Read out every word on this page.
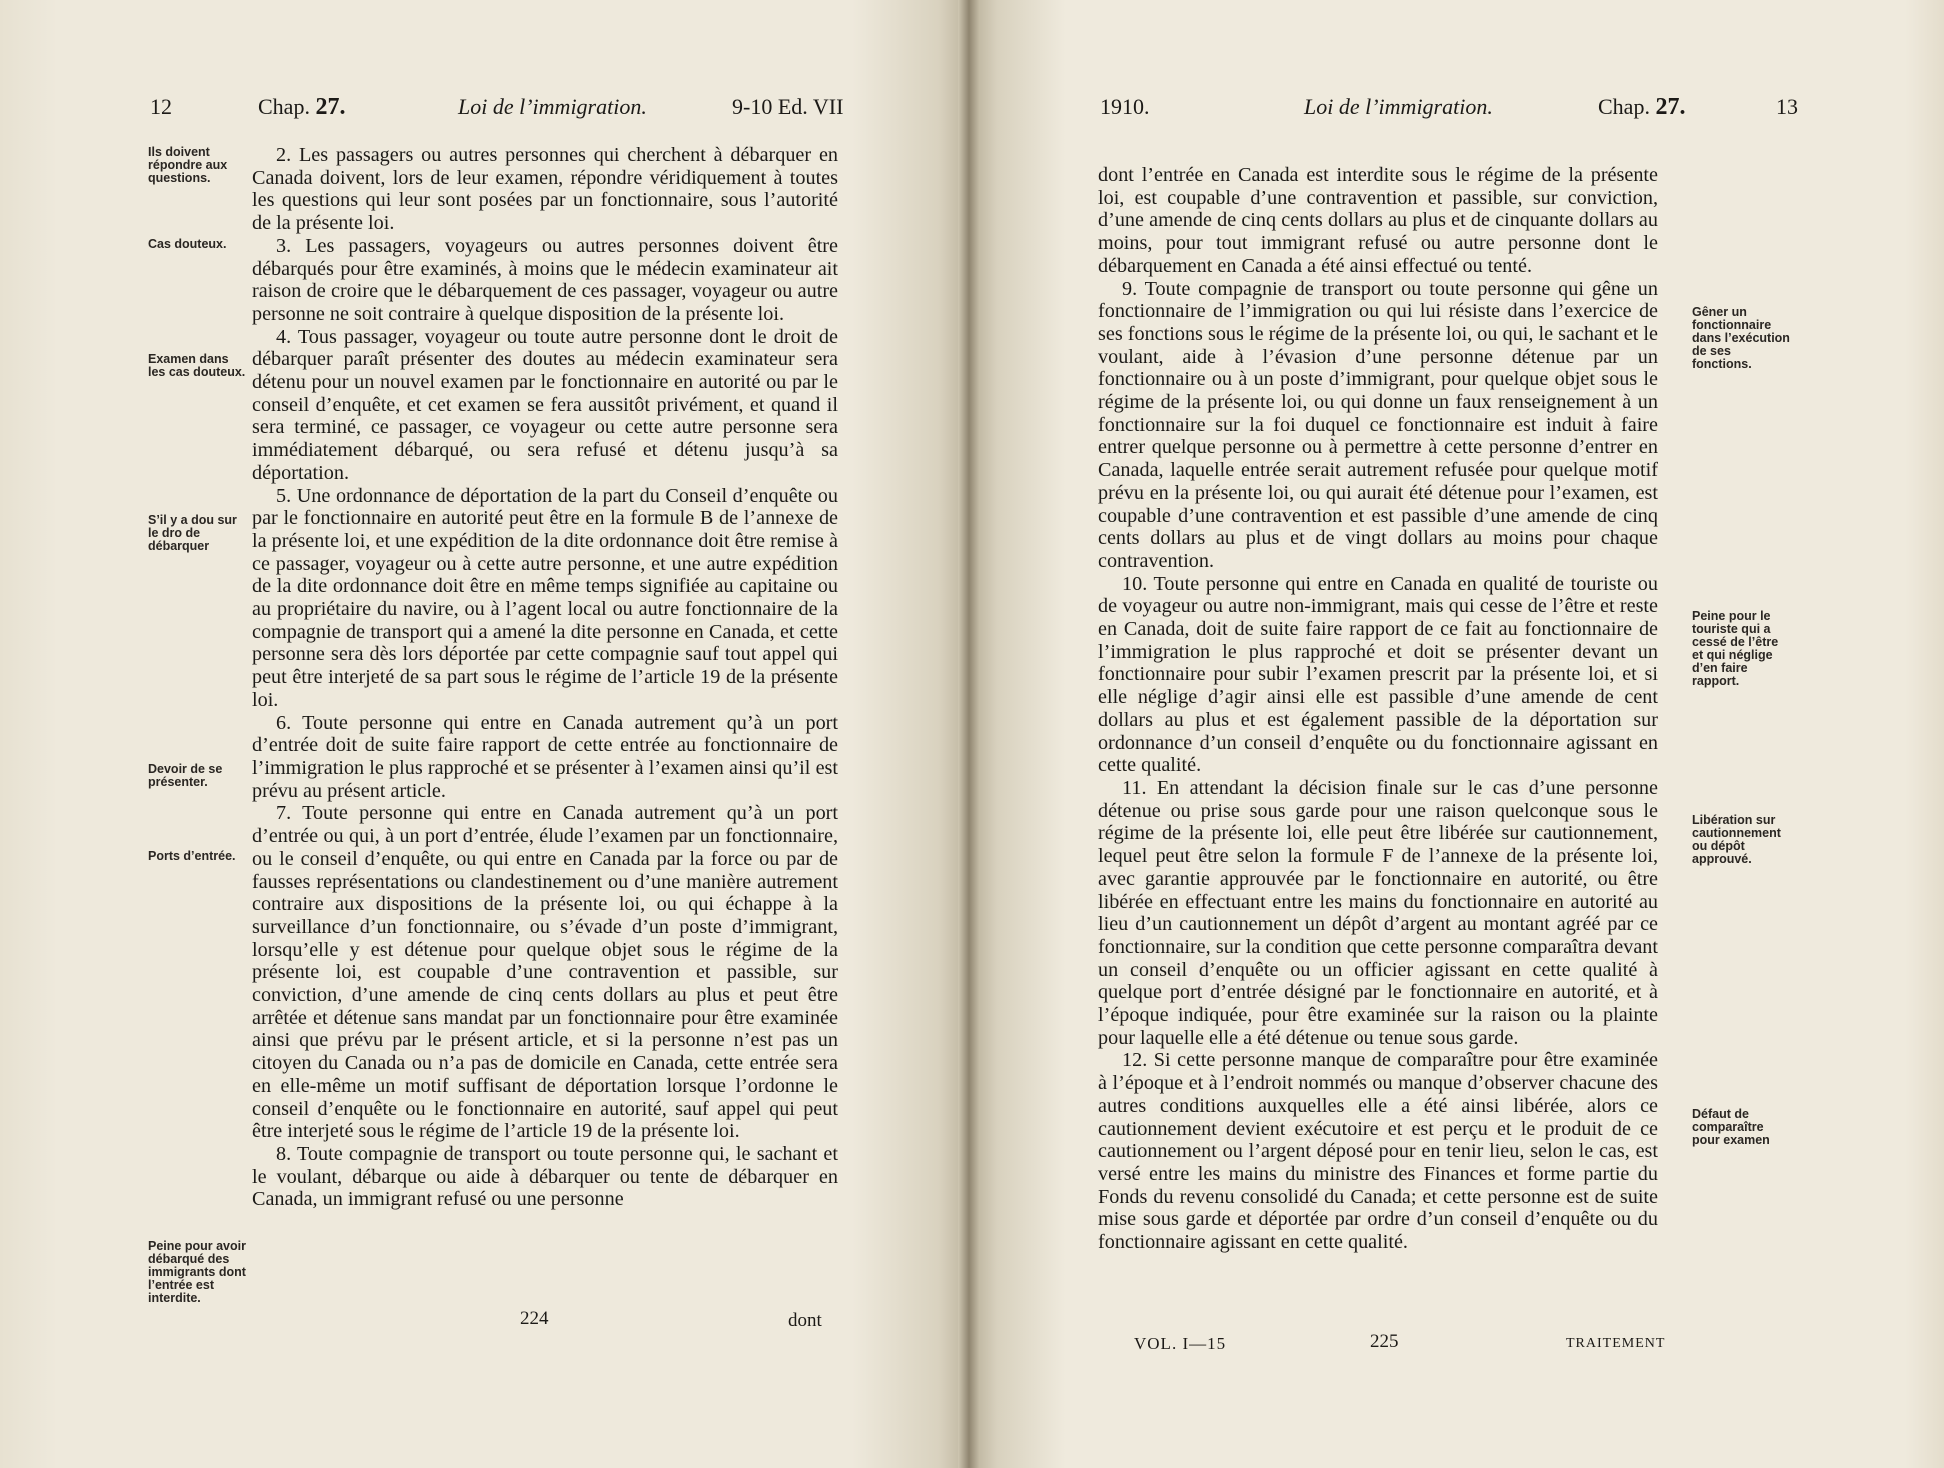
12	Chap. 27.	Loi de l’immigration.	9-10 Ed. VII
Ils doivent répondre aux questions.
Cas douteux.
Examen dans les cas douteux.
S’il y a dou sur le dro de débarquer
Devoir de se présenter.
Ports d’entrée.
Peine pour avoir débarqué des immigrants dont l’entrée est interdite.

2. Les passagers ou autres personnes qui cherchent à débarquer en Canada doivent, lors de leur examen, répondre véridiquement à toutes les questions qui leur sont posées par un fonctionnaire, sous l’autorité de la présente loi.

3. Les passagers, voyageurs ou autres personnes doivent être débarqués pour être examinés, à moins que le médecin examinateur ait raison de croire que le débarquement de ces passager, voyageur ou autre personne ne soit contraire à quelque disposition de la présente loi.

4. Tous passager, voyageur ou toute autre personne dont le droit de débarquer paraît présenter des doutes au médecin examinateur sera détenu pour un nouvel examen par le fonctionnaire en autorité ou par le conseil d’enquête, et cet examen se fera aussitôt privément, et quand il sera terminé, ce passager, ce voyageur ou cette autre personne sera immédiatement débarqué, ou sera refusé et détenu jusqu’à sa déportation.

5. Une ordonnance de déportation de la part du Conseil d’enquête ou par le fonctionnaire en autorité peut être en la formule B de l’annexe de la présente loi, et une expédition de la dite ordonnance doit être remise à ce passager, voyageur ou à cette autre personne, et une autre expédition de la dite ordonnance doit être en même temps signifiée au capitaine ou au propriétaire du navire, ou à l’agent local ou autre fonctionnaire de la compagnie de transport qui a amené la dite personne en Canada, et cette personne sera dès lors déportée par cette compagnie sauf tout appel qui peut être interjeté de sa part sous le régime de l’article 19 de la présente loi.

6. Toute personne qui entre en Canada autrement qu’à un port d’entrée doit de suite faire rapport de cette entrée au fonctionnaire de l’immigration le plus rapproché et se présenter à l’examen ainsi qu’il est prévu au présent article.

7. Toute personne qui entre en Canada autrement qu’à un port d’entrée ou qui, à un port d’entrée, élude l’examen par un fonctionnaire, ou le conseil d’enquête, ou qui entre en Canada par la force ou par de fausses représentations ou clandestinement ou d’une manière autrement contraire aux dispositions de la présente loi, ou qui échappe à la surveillance d’un fonctionnaire, ou s’évade d’un poste d’immigrant, lorsqu’elle y est détenue pour quelque objet sous le régime de la présente loi, est coupable d’une contravention et passible, sur conviction, d’une amende de cinq cents dollars au plus et peut être arrêtée et détenue sans mandat par un fonctionnaire pour être examinée ainsi que prévu par le présent article, et si la personne n’est pas un citoyen du Canada ou n’a pas de domicile en Canada, cette entrée sera en elle-même un motif suffisant de déportation lorsque l’ordonne le conseil d’enquête ou le fonctionnaire en autorité, sauf appel qui peut être interjeté sous le régime de l’article 19 de la présente loi.

8. Toute compagnie de transport ou toute personne qui, le sachant et le voulant, débarque ou aide à débarquer ou tente de débarquer en Canada, un immigrant refusé ou une personne

224	dont
1910.	Loi de l’immigration.	Chap. 27.	13

dont l’entrée en Canada est interdite sous le régime de la présente loi, est coupable d’une contravention et passible, sur conviction, d’une amende de cinq cents dollars au plus et de cinquante dollars au moins, pour tout immigrant refusé ou autre personne dont le débarquement en Canada a été ainsi effectué ou tenté.

9. Toute compagnie de transport ou toute personne qui gêne un fonctionnaire de l’immigration ou qui lui résiste dans l’exercice de ses fonctions sous le régime de la présente loi, ou qui, le sachant et le voulant, aide à l’évasion d’une personne détenue par un fonctionnaire ou à un poste d’immigrant, pour quelque objet sous le régime de la présente loi, ou qui donne un faux renseignement à un fonctionnaire sur la foi duquel ce fonctionnaire est induit à faire entrer quelque personne ou à permettre à cette personne d’entrer en Canada, laquelle entrée serait autrement refusée pour quelque motif prévu en la présente loi, ou qui aurait été détenue pour l’examen, est coupable d’une contravention et est passible d’une amende de cinq cents dollars au plus et de vingt dollars au moins pour chaque contravention.

10. Toute personne qui entre en Canada en qualité de touriste ou de voyageur ou autre non-immigrant, mais qui cesse de l’être et reste en Canada, doit de suite faire rapport de ce fait au fonctionnaire de l’immigration le plus rapproché et doit se présenter devant un fonctionnaire pour subir l’examen prescrit par la présente loi, et si elle néglige d’agir ainsi elle est passible d’une amende de cent dollars au plus et est également passible de la déportation sur ordonnance d’un conseil d’enquête ou du fonctionnaire agissant en cette qualité.

11. En attendant la décision finale sur le cas d’une personne détenue ou prise sous garde pour une raison quelconque sous le régime de la présente loi, elle peut être libérée sur cautionnement, lequel peut être selon la formule F de l’annexe de la présente loi, avec garantie approuvée par le fonctionnaire en autorité, ou être libérée en effectuant entre les mains du fonctionnaire en autorité au lieu d’un cautionnement un dépôt d’argent au montant agréé par ce fonctionnaire, sur la condition que cette personne comparaîtra devant un conseil d’enquête ou un officier agissant en cette qualité à quelque port d’entrée désigné par le fonctionnaire en autorité, et à l’époque indiquée, pour être examinée sur la raison ou la plainte pour laquelle elle a été détenue ou tenue sous garde.

12. Si cette personne manque de comparaître pour être examinée à l’époque et à l’endroit nommés ou manque d’observer chacune des autres conditions auxquelles elle a été ainsi libérée, alors ce cautionnement devient exécutoire et est perçu et le produit de ce cautionnement ou l’argent déposé pour en tenir lieu, selon le cas, est versé entre les mains du ministre des Finances et forme partie du Fonds du revenu consolidé du Canada; et cette personne est de suite mise sous garde et déportée par ordre d’un conseil d’enquête ou du fonctionnaire agissant en cette qualité.

Gêner un fonctionnaire dans l’exécution de ses fonctions.
Peine pour le touriste qui a cessé de l’être et qui néglige d’en faire rapport.
Libération sur cautionnement ou dépôt approuvé.
Défaut de comparaître pour examen
VOL. I—15	225	TRAITEMENT
